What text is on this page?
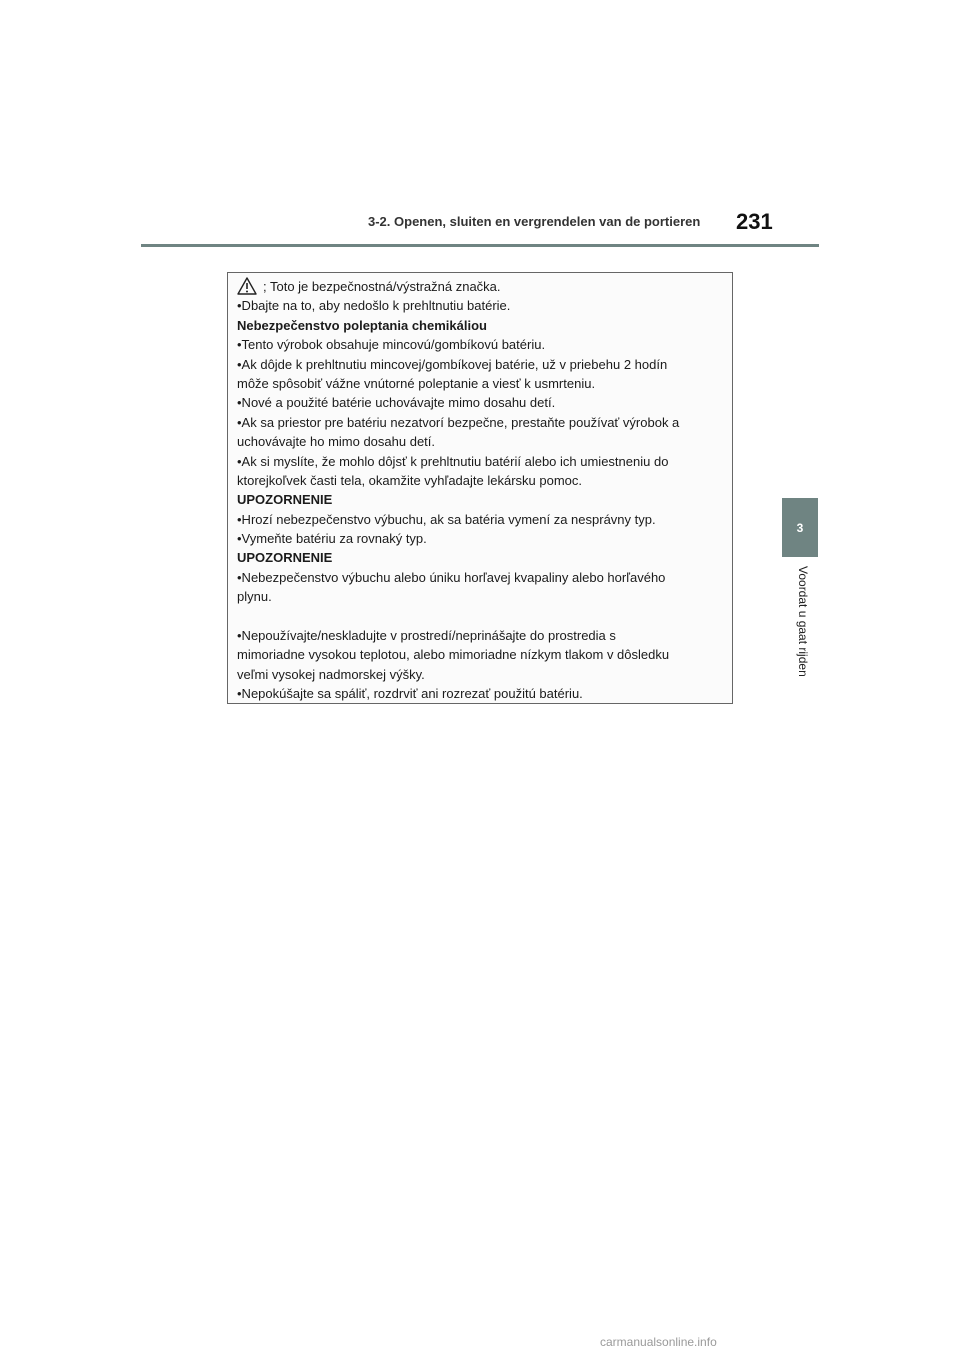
3-2. Openen, sluiten en vergrendelen van de portieren	231
3
Voordat u gaat rijden
; Toto je bezpečnostná/výstražná značka.
•Dbajte na to, aby nedošlo k prehltnutiu batérie.
Nebezpečenstvo poleptania chemikáliou
•Tento výrobok obsahuje mincovú/gombíkovú batériu.
•Ak dôjde k prehltnutiu mincovej/gombíkovej batérie, už v priebehu 2 hodín
môže spôsobiť vážne vnútorné poleptanie a viesť k usmrteniu.
•Nové a použité batérie uchovávajte mimo dosahu detí.
•Ak sa priestor pre batériu nezatvorí bezpečne, prestaňte používať výrobok a
uchovávajte ho mimo dosahu detí.
•Ak si myslíte, že mohlo dôjsť k prehltnutiu batérií alebo ich umiestneniu do
ktorejkoľvek časti tela, okamžite vyhľadajte lekársku pomoc.
UPOZORNENIE
•Hrozí nebezpečenstvo výbuchu, ak sa batéria vymení za nesprávny typ.
•Vymeňte batériu za rovnaký typ.
UPOZORNENIE
•Nebezpečenstvo výbuchu alebo úniku horľavej kvapaliny alebo horľavého
plynu.
•Nepoužívajte/neskladujte v prostredí/neprinášajte do prostredia s
mimoriadne vysokou teplotou, alebo mimoriadne nízkym tlakom v dôsledku
veľmi vysokej nadmorskej výšky.
•Nepokúšajte sa spáliť, rozdrviť ani rozrezať použitú batériu.
carmanualsonline.info
